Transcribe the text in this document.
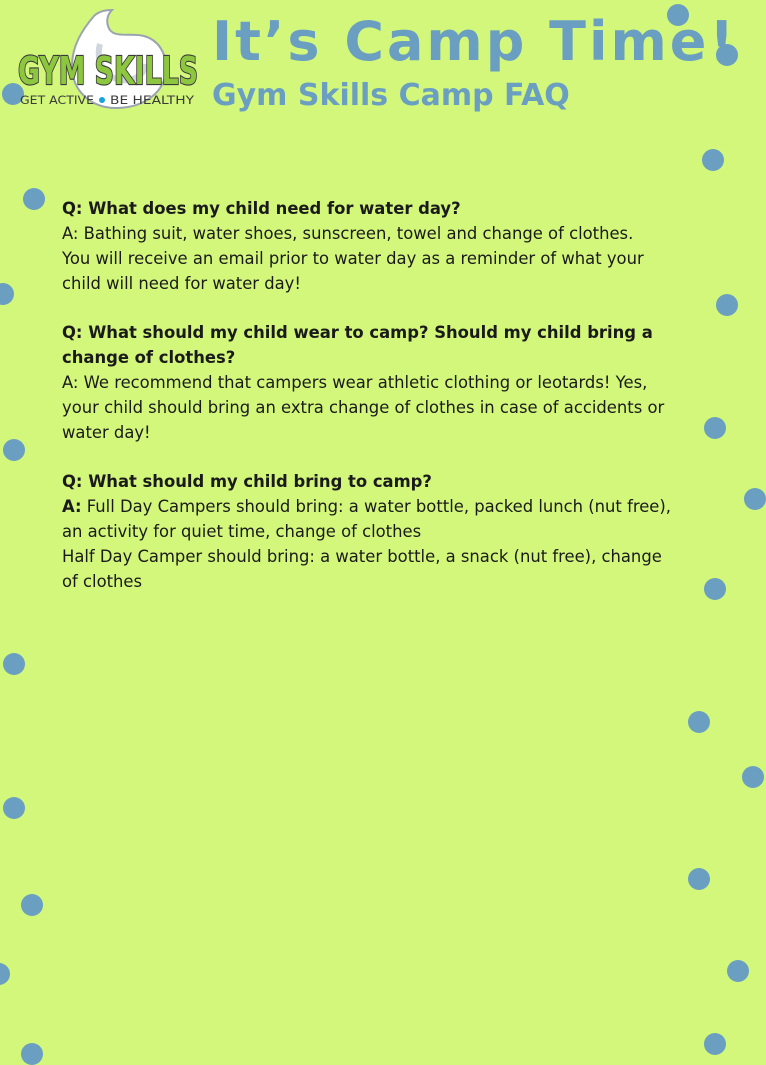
GYM SKILLS
GET ACTIVE BE HEALTHY
It’s Camp Time!
Gym Skills Camp FAQ
Q: What does my child need for water day?
A: Bathing suit, water shoes, sunscreen, towel and change of clothes.
You will receive an email prior to water day as a reminder of what your child will need for water day!
Q: What should my child wear to camp? Should my child bring a change of clothes?
A: We recommend that campers wear athletic clothing or leotards! Yes, your child should bring an extra change of clothes in case of accidents or water day!
Q: What should my child bring to camp?
A: Full Day Campers should bring: a water bottle, packed lunch (nut free), an activity for quiet time, change of clothes
Half Day Camper should bring: a water bottle, a snack (nut free), change of clothes
